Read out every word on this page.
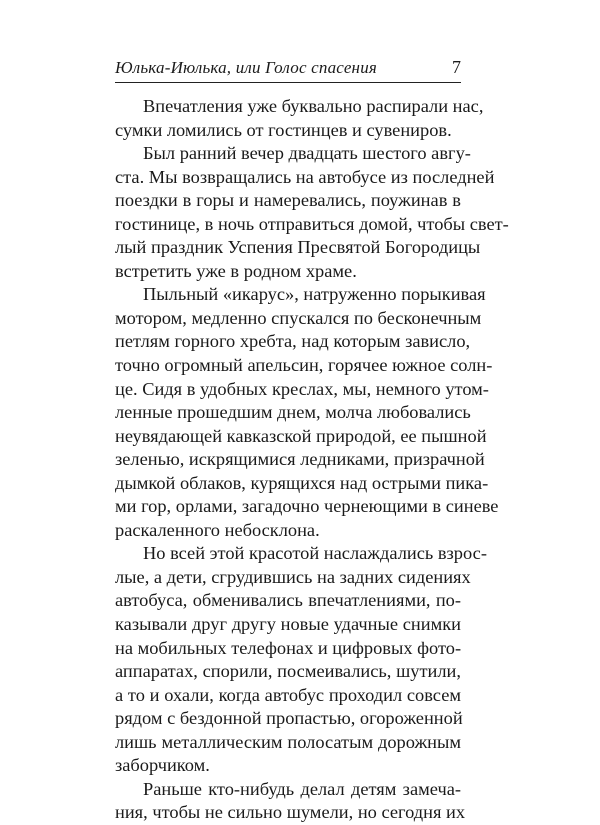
Юлька-Июлька, или Голос спасения	7
Впечатления уже буквально распирали нас,
сумки ломились от гостинцев и сувениров.
Был ранний вечер двадцать шестого авгу-
ста. Мы возвращались на автобусе из последней
поездки в горы и намеревались, поужинав в
гостинице, в ночь отправиться домой, чтобы свет-
лый праздник Успения Пресвятой Богородицы
встретить уже в родном храме.
Пыльный «икарус», натруженно порыкивая
мотором, медленно спускался по бесконечным
петлям горного хребта, над которым зависло,
точно огромный апельсин, горячее южное солн-
це. Сидя в удобных креслах, мы, немного утом-
ленные прошедшим днем, молча любовались
неувядающей кавказской природой, ее пышной
зеленью, искрящимися ледниками, призрачной
дымкой облаков, курящихся над острыми пика-
ми гор, орлами, загадочно чернеющими в синеве
раскаленного небосклона.
Но всей этой красотой наслаждались взрос-
лые, а дети, сгрудившись на задних сидениях
автобуса, обменивались впечатлениями, по-
казывали друг другу новые удачные снимки
на мобильных телефонах и цифровых фото-
аппаратах, спорили, посмеивались, шутили,
а то и охали, когда автобус проходил совсем
рядом с бездонной пропастью, огороженной
лишь металлическим полосатым дорожным
заборчиком.
Раньше кто-нибудь делал детям замеча-
ния, чтобы не сильно шумели, но сегодня их
